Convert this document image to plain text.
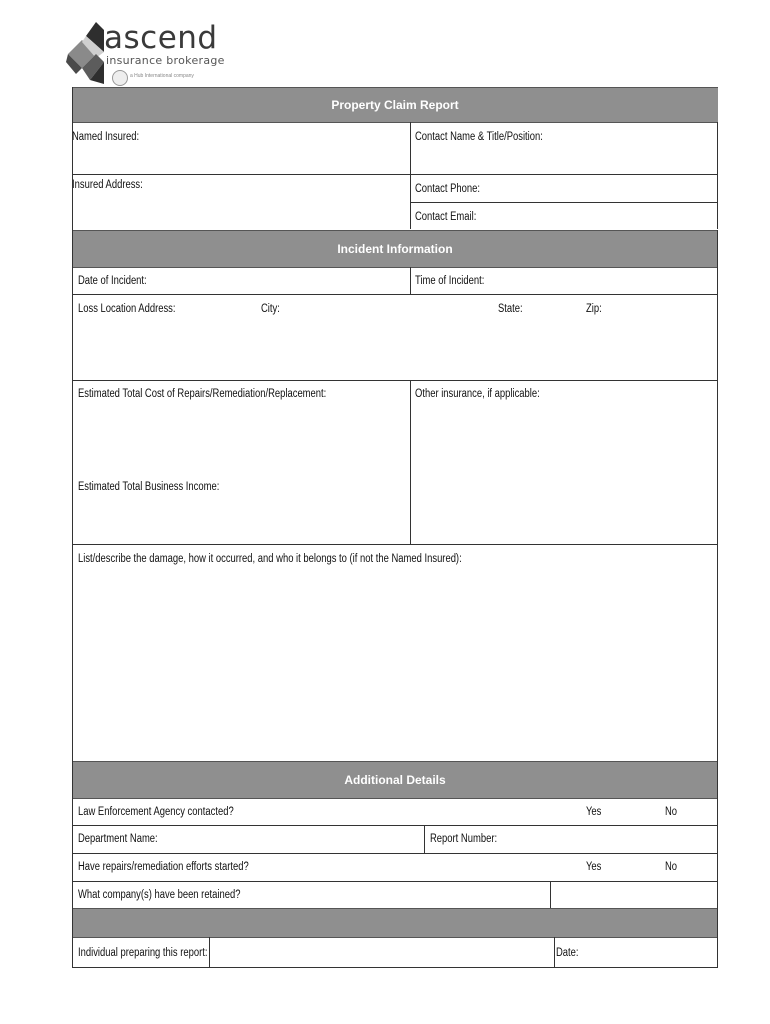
ascend
insurance brokerage
a Hub International company
Property Claim Report
Named Insured:	Contact Name & Title/Position:
Insured Address:	Contact Phone:
Contact Email:
Incident Information
Date of Incident:	Time of Incident:
Loss Location Address:	City:	State:	Zip:
Estimated Total Cost of Repairs/Remediation/Replacement:	Other insurance, if applicable:
Estimated Total Business Income:
List/describe the damage, how it occurred, and who it belongs to (if not the Named Insured):
Additional Details
Law Enforcement Agency contacted?	Yes	No
Department Name:	Report Number:
Have repairs/remediation efforts started?	Yes	No
What company(s) have been retained?
Individual preparing this report:	Date:
